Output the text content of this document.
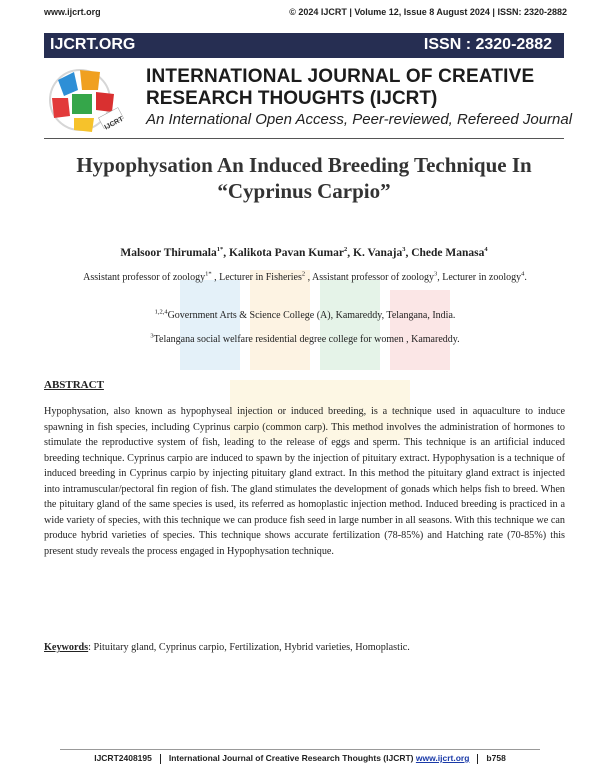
www.ijcrt.org	© 2024 IJCRT | Volume 12, Issue 8 August 2024 | ISSN: 2320-2882
IJCRT.ORG	ISSN : 2320-2882
IJCRT
INTERNATIONAL JOURNAL OF CREATIVE
RESEARCH THOUGHTS (IJCRT)
An International Open Access, Peer-reviewed, Refereed Journal
Hypophysation An Induced Breeding Technique In
“Cyprinus Carpio”
Malsoor Thirumala$^{1*}$, Kalikota Pavan Kumar$^2$, K. Vanaja$^3$, Chede Manasa$^4$
Assistant professor of zoology$^{1*}$ , Lecturer in Fisheries$^2$ , Assistant professor of zoology$^3$, Lecturer in zoology$^4$.
$^{1,2,4}$Government Arts & Science College (A), Kamareddy, Telangana, India.
$^3$Telangana social welfare residential degree college for women , Kamareddy.
ABSTRACT
Hypophysation, also known as hypophyseal injection or induced breeding, is a technique used in aquaculture to induce spawning in fish species, including Cyprinus carpio (common carp). This method involves the administration of hormones to stimulate the reproductive system of fish, leading to the release of eggs and sperm. This technique is an artificial induced breeding technique. Cyprinus carpio are induced to spawn by the injection of pituitary extract. Hypophysation is a technique of induced breeding in Cyprinus carpio by injecting pituitary gland extract. In this method the pituitary gland extract is injected into intramuscular/pectoral fin region of fish. The gland stimulates the development of gonads which helps fish to breed. When the pituitary gland of the same species is used, its referred as homoplastic injection method. Induced breeding is practiced in a wide variety of species, with this technique we can produce fish seed in large number in all seasons. With this technique we can produce hybrid varieties of species. This technique shows accurate fertilization (78-85%) and Hatching rate (70-85%) this present study reveals the process engaged in Hypophysation technique.
Keywords: Pituitary gland, Cyprinus carpio, Fertilization, Hybrid varieties, Homoplastic.
IJCRT2408195 International Journal of Creative Research Thoughts (IJCRT) www.ijcrt.org b758
